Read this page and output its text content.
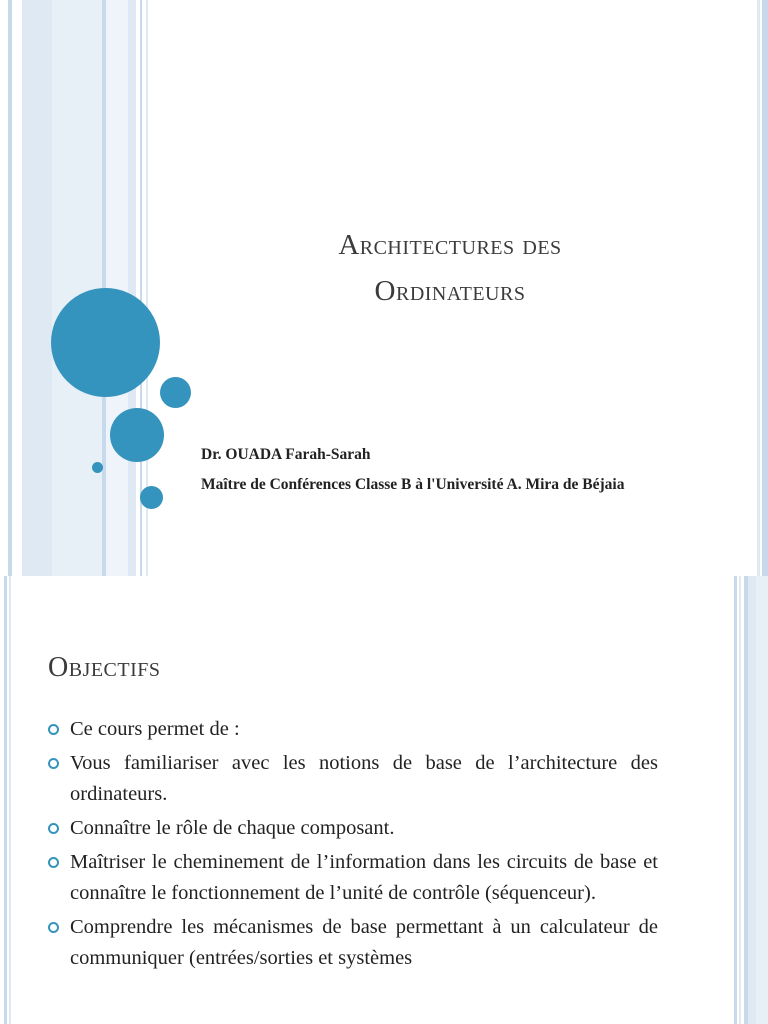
Architectures des
Ordinateurs
Dr. OUADA Farah-Sarah
Maître de Conférences Classe B à l'Université A. Mira de Béjaia
Objectifs
Ce cours permet de :
Vous familiariser avec les notions de base de l’architecture des ordinateurs.
Connaître le rôle de chaque composant.
Maîtriser le cheminement de l’information dans les circuits de base et connaître le fonctionnement de l’unité de contrôle (séquenceur).
Comprendre les mécanismes de base permettant à un calculateur de communiquer (entrées/sorties et systèmes
